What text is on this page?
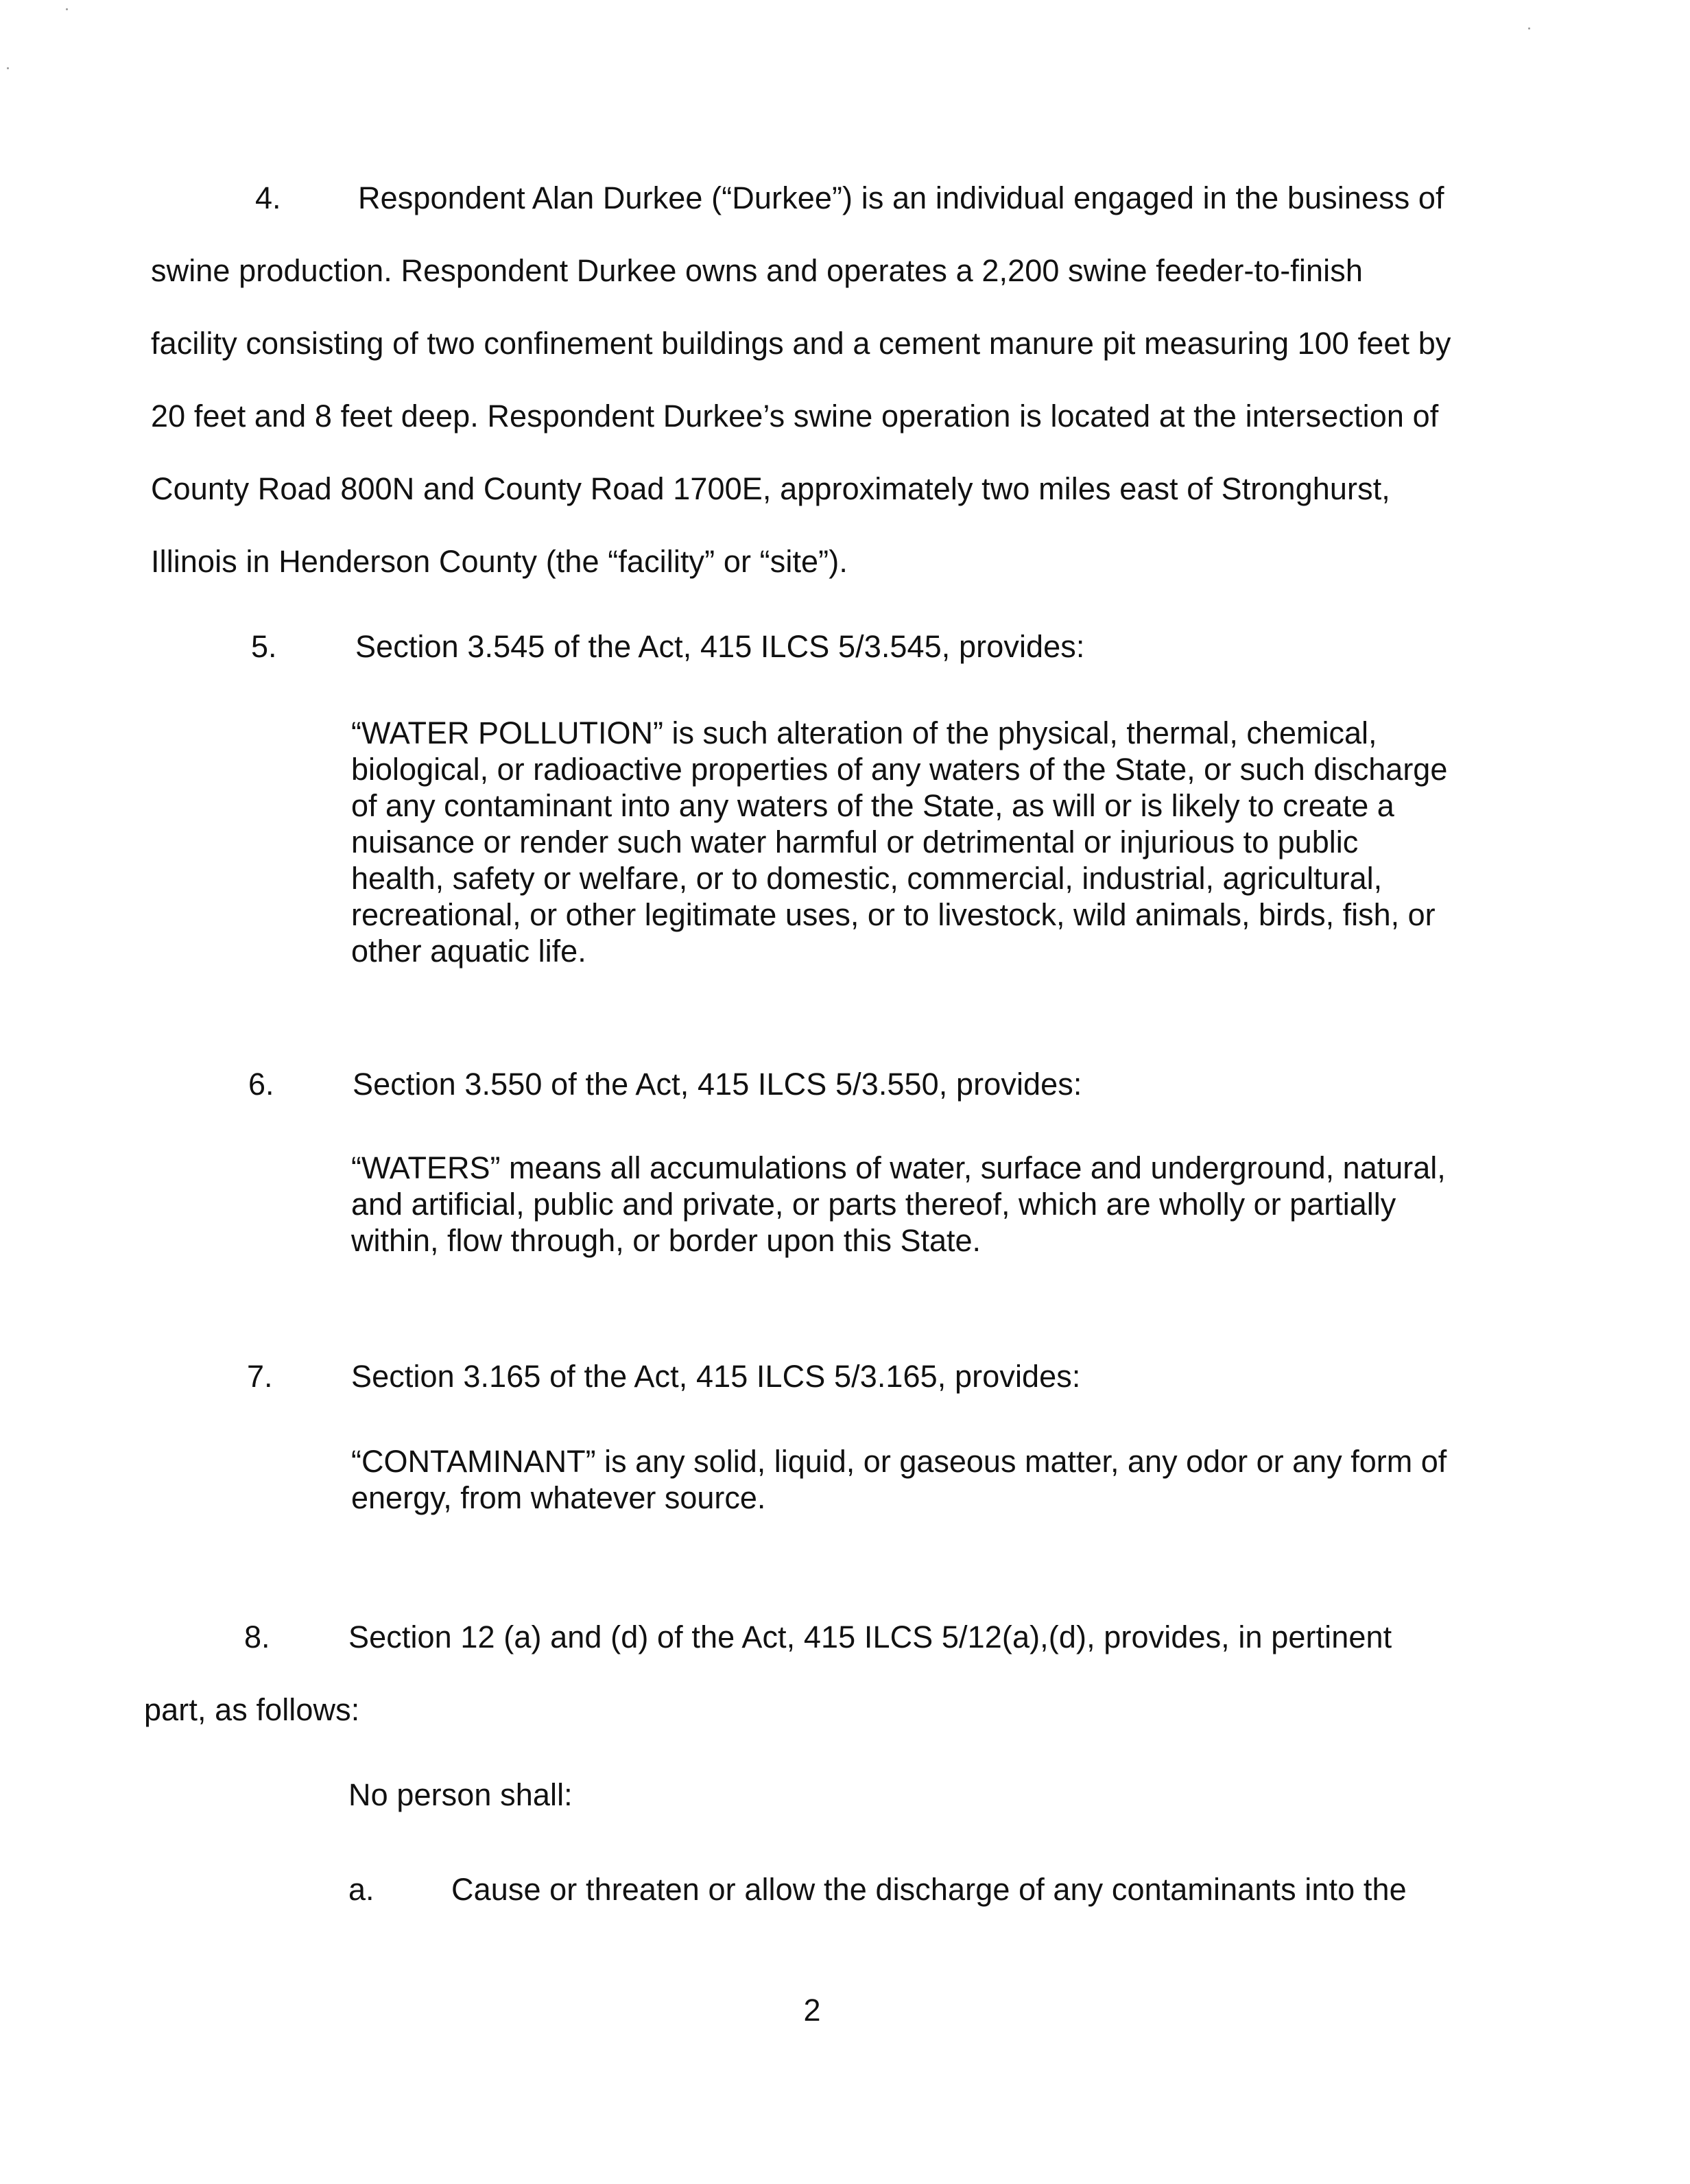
4. Respondent Alan Durkee (“Durkee”) is an individual engaged in the business of
swine production. Respondent Durkee owns and operates a 2,200 swine feeder-to-finish
facility consisting of two confinement buildings and a cement manure pit measuring 100 feet by
20 feet and 8 feet deep. Respondent Durkee’s swine operation is located at the intersection of
County Road 800N and County Road 1700E, approximately two miles east of Stronghurst,
Illinois in Henderson County (the “facility” or “site”).
5.	Section 3.545 of the Act, 415 ILCS 5/3.545, provides:
“WATER POLLUTION” is such alteration of the physical, thermal, chemical,
biological, or radioactive properties of any waters of the State, or such discharge
of any contaminant into any waters of the State, as will or is likely to create a
nuisance or render such water harmful or detrimental or injurious to public
health, safety or welfare, or to domestic, commercial, industrial, agricultural,
recreational, or other legitimate uses, or to livestock, wild animals, birds, fish, or
other aquatic life.
6.	Section 3.550 of the Act, 415 ILCS 5/3.550, provides:
“WATERS” means all accumulations of water, surface and underground, natural,
and artificial, public and private, or parts thereof, which are wholly or partially
within, flow through, or border upon this State.
7.	Section 3.165 of the Act, 415 ILCS 5/3.165, provides:
“CONTAMINANT” is any solid, liquid, or gaseous matter, any odor or any form of
energy, from whatever source.
8.	Section 12 (a) and (d) of the Act, 415 ILCS 5/12(a),(d), provides, in pertinent
part, as follows:
No person shall:
a. Cause or threaten or allow the discharge of any contaminants into the
2
